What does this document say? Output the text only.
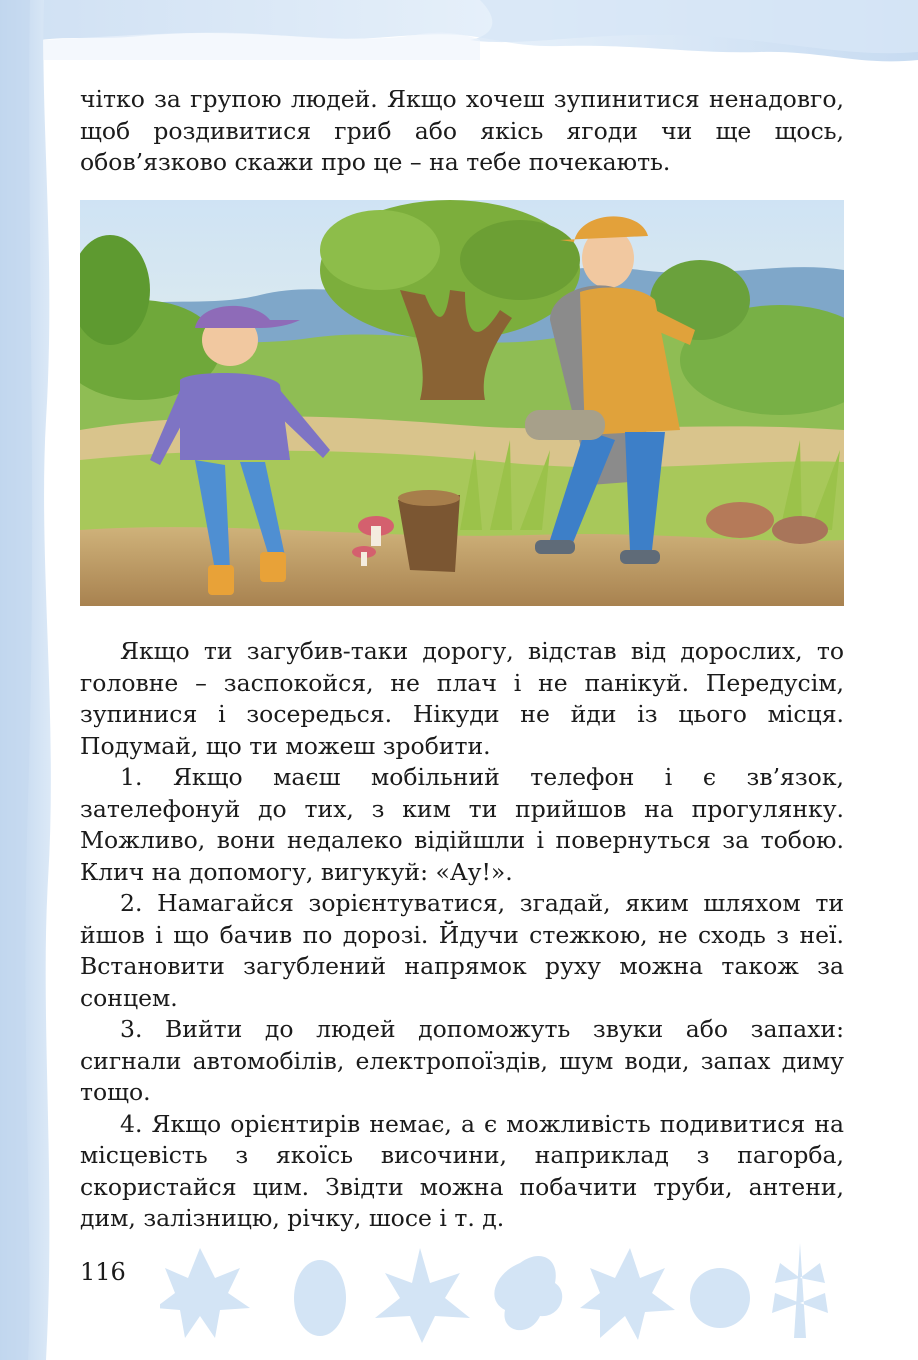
чітко за групою людей. Якщо хочеш зупинитися ненадовго, щоб роздивитися гриб або якісь ягоди чи ще щось, обов’язково скажи про це – на тебе почекають.

Якщо ти загубив-таки дорогу, відстав від дорослих, то головне – заспокойся, не плач і не панікуй. Передусім, зупинися і зосередься. Нікуди не йди із цього місця. Подумай, що ти можеш зробити.

1. Якщо маєш мобільний телефон і є зв’язок, зателефонуй до тих, з ким ти прийшов на прогулянку. Можливо, вони недалеко відійшли і повернуться за тобою. Клич на допомогу, вигукуй: «Ау!».

2. Намагайся зорієнтуватися, згадай, яким шляхом ти йшов і що бачив по дорозі. Йдучи стежкою, не сходь з неї. Встановити загублений напрямок руху можна також за сонцем.

3. Вийти до людей допоможуть звуки або запахи: сигнали автомобілів, електропоїздів, шум води, запах диму тощо.

4. Якщо орієнтирів немає, а є можливість подивитися на місцевість з якоїсь височини, наприклад з пагорба, скористайся цим. Звідти можна побачити труби, антени, дим, залізницю, річку, шосе і т. д.

116
